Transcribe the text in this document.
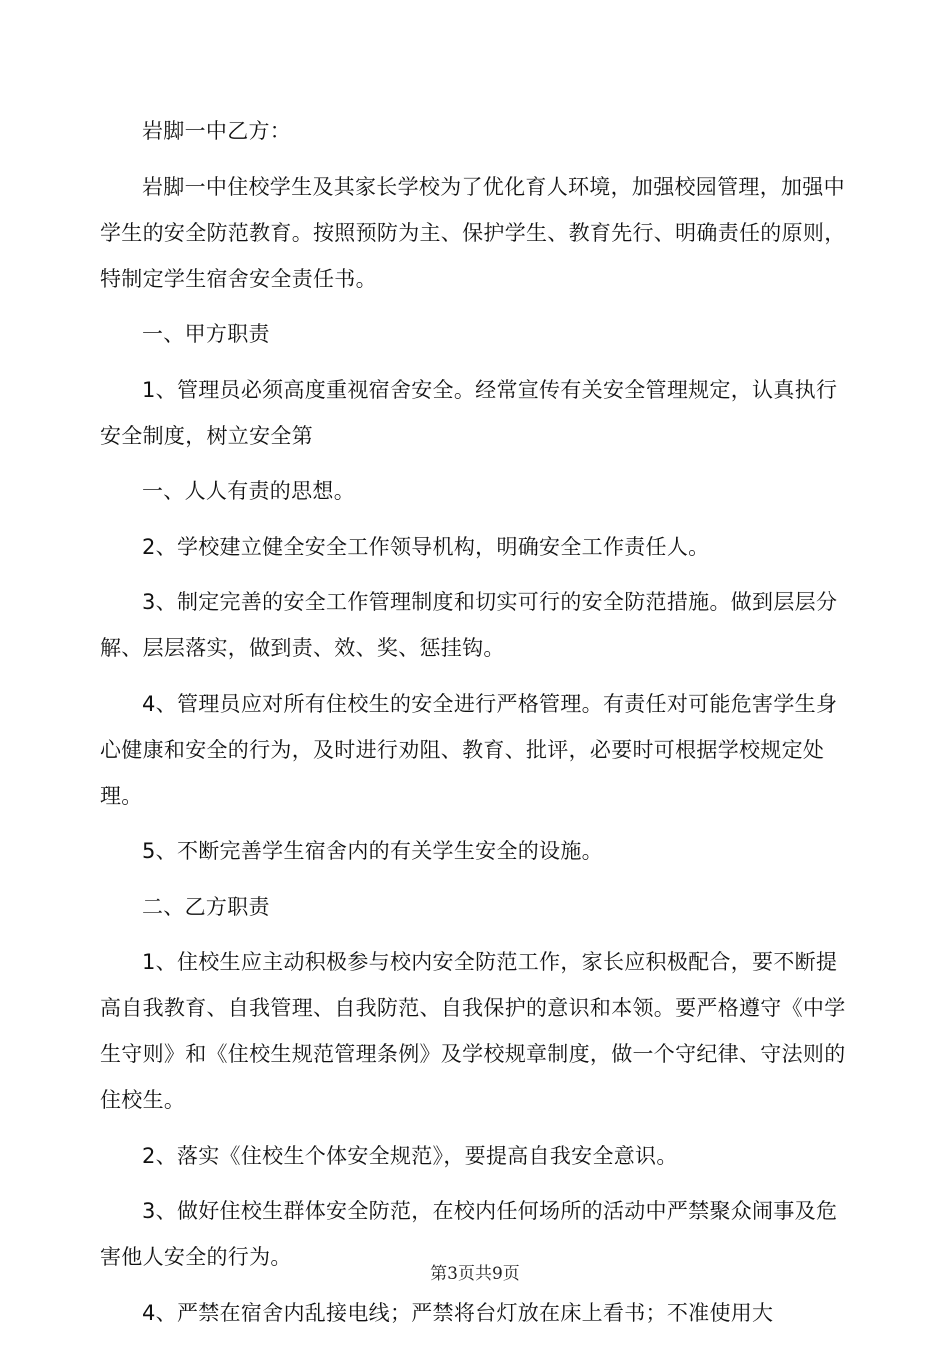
岩脚一中乙方：

岩脚一中住校学生及其家长学校为了优化育人环境，加强校园管理，加强中学生的安全防范教育。按照预防为主、保护学生、教育先行、明确责任的原则，特制定学生宿舍安全责任书。

一、甲方职责

1、管理员必须高度重视宿舍安全。经常宣传有关安全管理规定，认真执行安全制度，树立安全第

一、人人有责的思想。

2、学校建立健全安全工作领导机构，明确安全工作责任人。

3、制定完善的安全工作管理制度和切实可行的安全防范措施。做到层层分解、层层落实，做到责、效、奖、惩挂钩。

4、管理员应对所有住校生的安全进行严格管理。有责任对可能危害学生身心健康和安全的行为，及时进行劝阻、教育、批评，必要时可根据学校规定处理。

5、不断完善学生宿舍内的有关学生安全的设施。

二、乙方职责

1、住校生应主动积极参与校内安全防范工作，家长应积极配合，要不断提高自我教育、自我管理、自我防范、自我保护的意识和本领。要严格遵守《中学生守则》和《住校生规范管理条例》及学校规章制度，做一个守纪律、守法则的住校生。

2、落实《住校生个体安全规范》，要提高自我安全意识。

3、做好住校生群体安全防范，在校内任何场所的活动中严禁聚众闹事及危害他人安全的行为。

4、严禁在宿舍内乱接电线；严禁将台灯放在床上看书；不准使用大

第3页共9页
